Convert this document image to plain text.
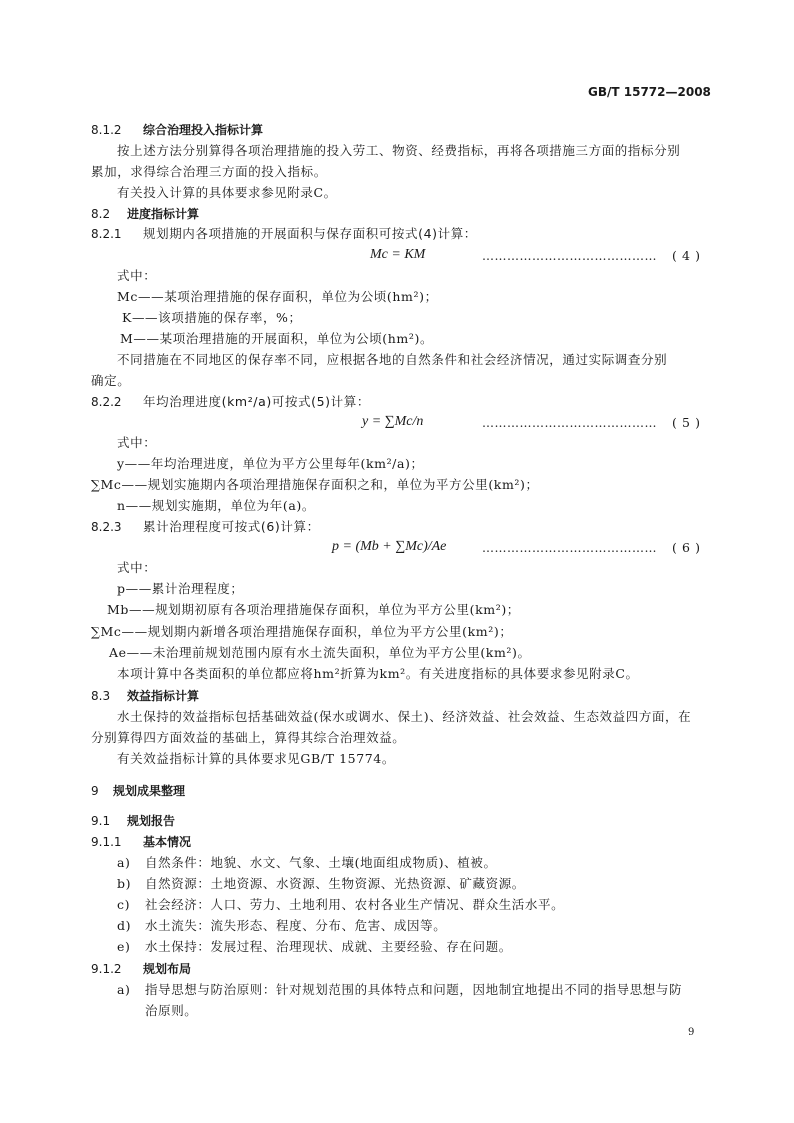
GB/T 15772—2008
8.1.2 综合治理投入指标计算
按上述方法分别算得各项治理措施的投入劳工、物资、经费指标，再将各项措施三方面的指标分别
累加，求得综合治理三方面的投入指标。
有关投入计算的具体要求参见附录C。
8.2 进度指标计算
8.2.1 规划期内各项措施的开展面积与保存面积可按式(4)计算：
Mc = KM	…………………………………… ( 4 )
式中：
Mc——某项治理措施的保存面积，单位为公顷(hm²)；
K——该项措施的保存率，%；
M——某项治理措施的开展面积，单位为公顷(hm²)。
不同措施在不同地区的保存率不同，应根据各地的自然条件和社会经济情况，通过实际调查分别
确定。
8.2.2 年均治理进度(km²/a)可按式(5)计算：
y = ∑Mc/n	…………………………………… ( 5 )
式中：
y——年均治理进度，单位为平方公里每年(km²/a)；
∑Mc——规划实施期内各项治理措施保存面积之和，单位为平方公里(km²)；
n——规划实施期，单位为年(a)。
8.2.3 累计治理程度可按式(6)计算：
p = (Mb + ∑Mc)/Ae	…………………………………… ( 6 )
式中：
p——累计治理程度；
Mb——规划期初原有各项治理措施保存面积，单位为平方公里(km²)；
∑Mc——规划期内新增各项治理措施保存面积，单位为平方公里(km²)；
Ae——未治理前规划范围内原有水土流失面积，单位为平方公里(km²)。
本项计算中各类面积的单位都应将hm²折算为km²。有关进度指标的具体要求参见附录C。
8.3 效益指标计算
水土保持的效益指标包括基础效益(保水或调水、保土)、经济效益、社会效益、生态效益四方面，在
分别算得四方面效益的基础上，算得其综合治理效益。
有关效益指标计算的具体要求见GB/T 15774。
9 规划成果整理
9.1 规划报告
9.1.1 基本情况
a) 自然条件：地貌、水文、气象、土壤(地面组成物质)、植被。
b) 自然资源：土地资源、水资源、生物资源、光热资源、矿藏资源。
c) 社会经济：人口、劳力、土地利用、农村各业生产情况、群众生活水平。
d) 水土流失：流失形态、程度、分布、危害、成因等。
e) 水土保持：发展过程、治理现状、成就、主要经验、存在问题。
9.1.2 规划布局
a) 指导思想与防治原则：针对规划范围的具体特点和问题，因地制宜地提出不同的指导思想与防
治原则。
9
